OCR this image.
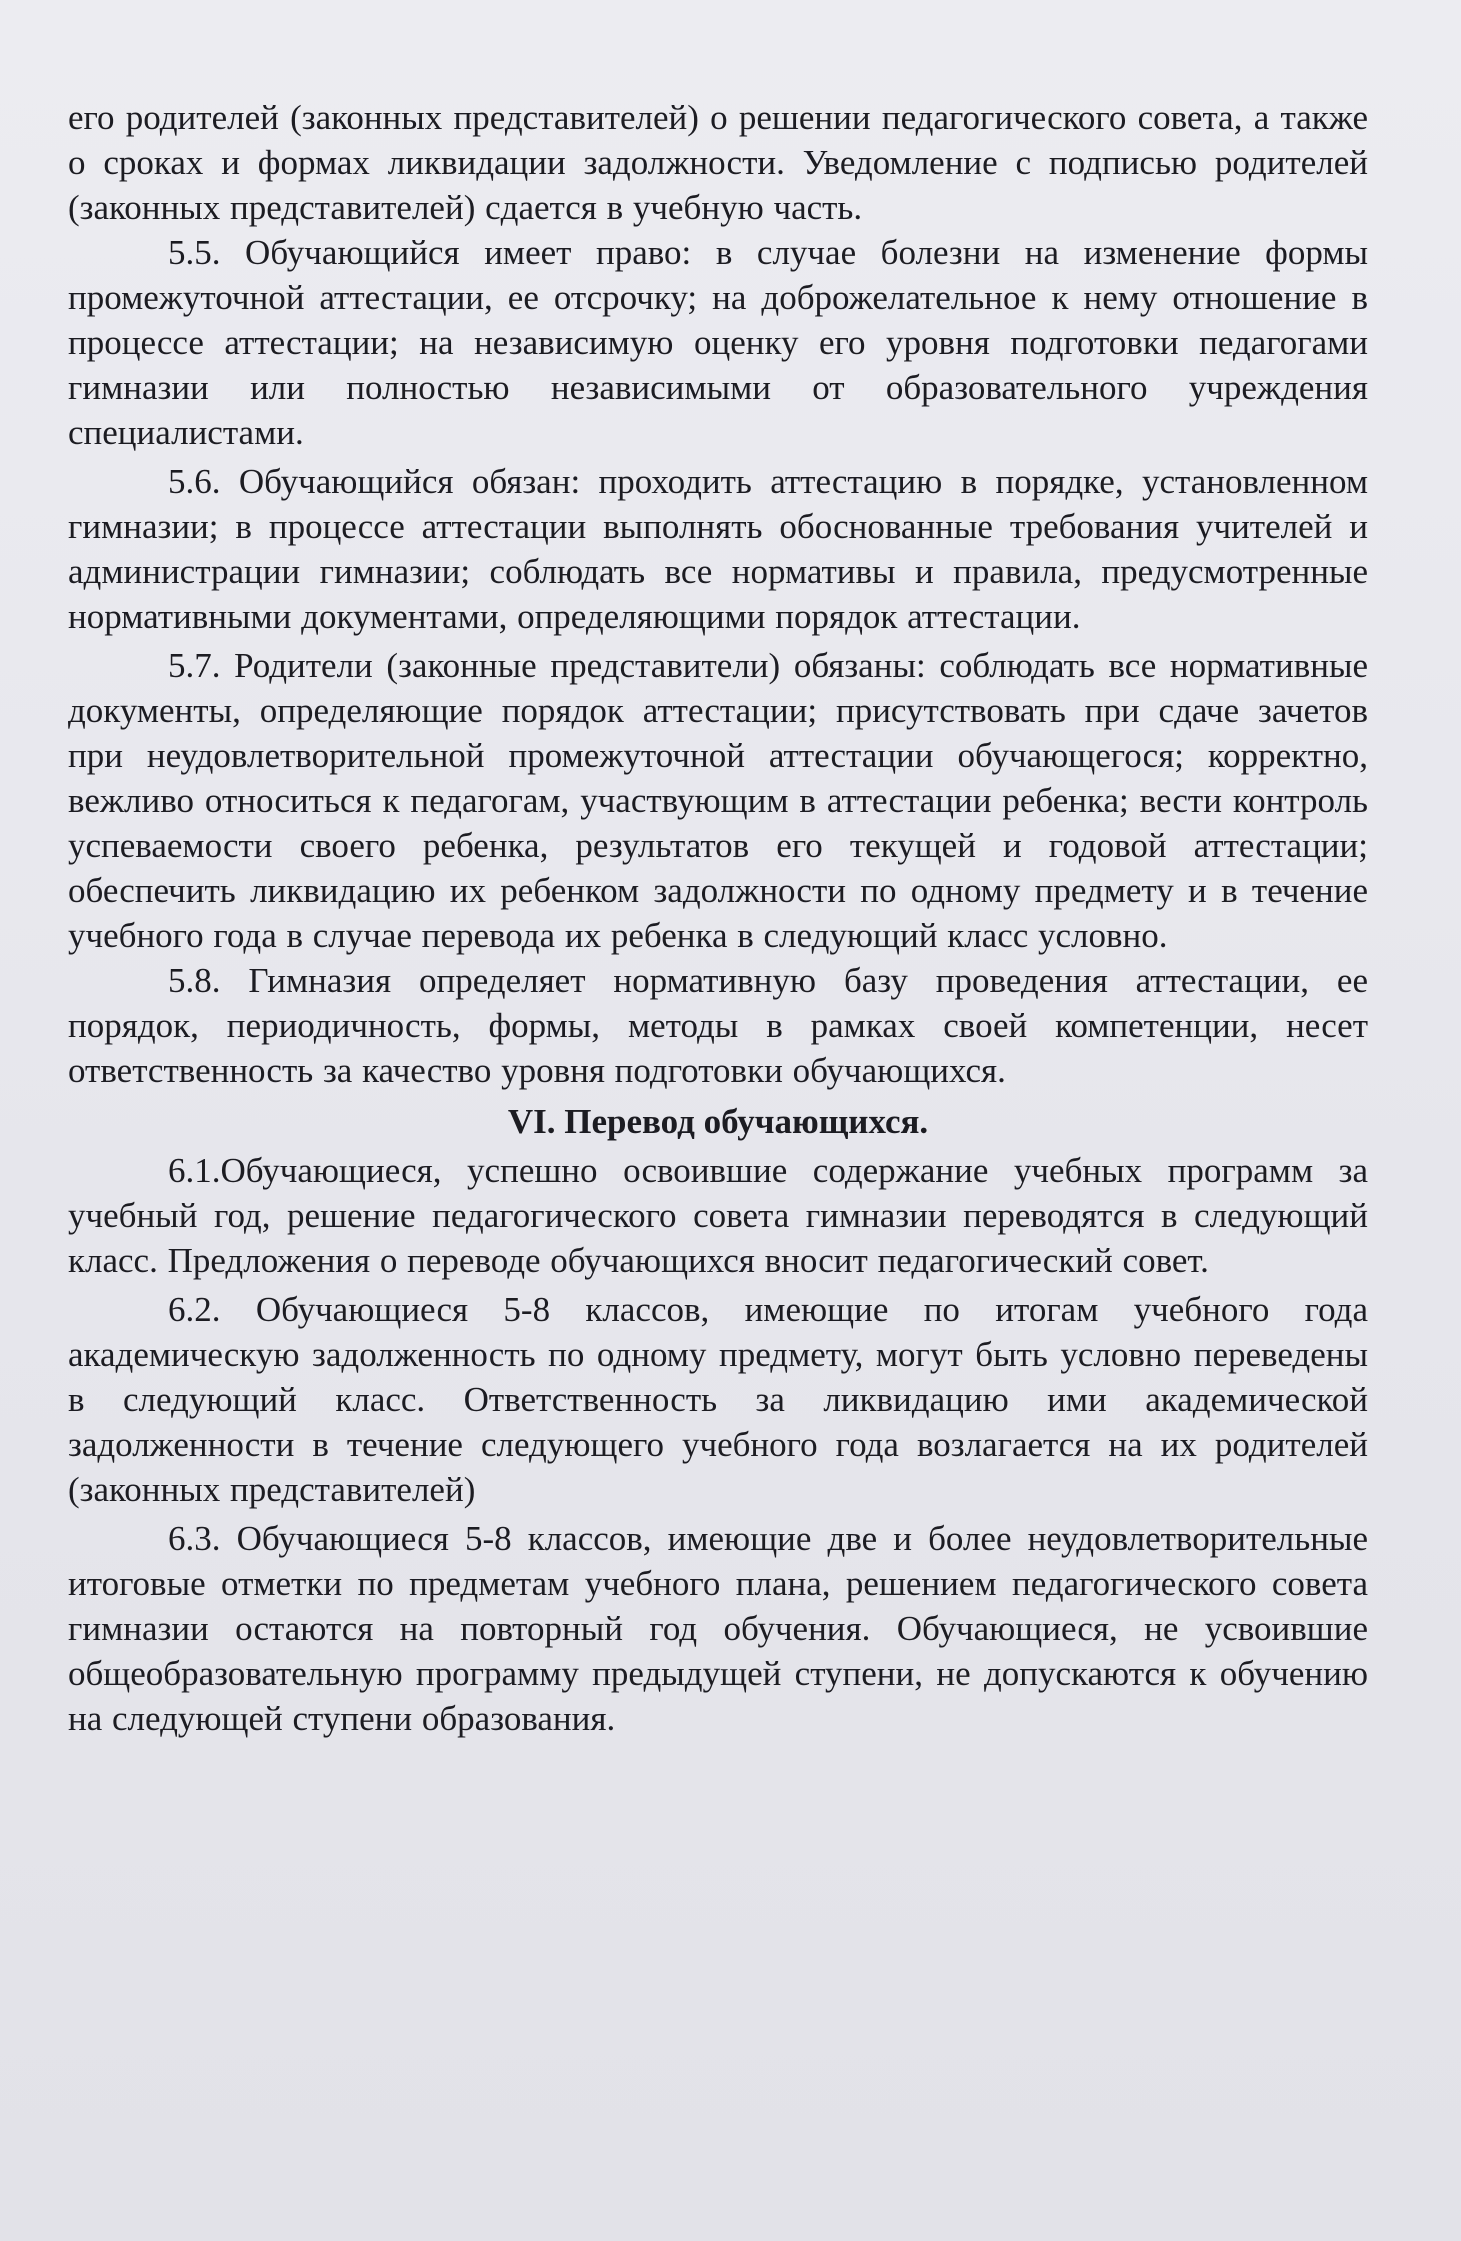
его родителей (законных представителей) о решении педагогического совета, а также о сроках и формах ликвидации задолжности. Уведомление с подписью родителей (законных представителей) сдается в учебную часть.

5.5. Обучающийся имеет право: в случае болезни на изменение формы промежуточной аттестации, ее отсрочку; на доброжелательное к нему отношение в процессе аттестации; на независимую оценку его уровня подготовки педагогами гимназии или полностью независимыми от образовательного учреждения специалистами.

5.6. Обучающийся обязан: проходить аттестацию в порядке, установленном гимназии; в процессе аттестации выполнять обоснованные требования учителей и администрации гимназии; соблюдать все нормативы и правила, предусмотренные нормативными документами, определяющими порядок аттестации.

5.7. Родители (законные представители) обязаны: соблюдать все нормативные документы, определяющие порядок аттестации; присутствовать при сдаче зачетов при неудовлетворительной промежуточной аттестации обучающегося; корректно, вежливо относиться к педагогам, участвующим в аттестации ребенка; вести контроль успеваемости своего ребенка, результатов его текущей и годовой аттестации; обеспечить ликвидацию их ребенком задолжности по одному предмету и в течение учебного года в случае перевода их ребенка в следующий класс условно.

5.8. Гимназия определяет нормативную базу проведения аттестации, ее порядок, периодичность, формы, методы в рамках своей компетенции, несет ответственность за качество уровня подготовки обучающихся.

VI. Перевод обучающихся.

6.1.Обучающиеся, успешно освоившие содержание учебных программ за учебный год, решение педагогического совета гимназии переводятся в следующий класс. Предложения о переводе обучающихся вносит педагогический совет.

6.2. Обучающиеся 5-8 классов, имеющие по итогам учебного года академическую задолженность по одному предмету, могут быть условно переведены в следующий класс. Ответственность за ликвидацию ими академической задолженности в течение следующего учебного года возлагается на их родителей (законных представителей)

6.3. Обучающиеся 5-8 классов, имеющие две и более неудовлетворительные итоговые отметки по предметам учебного плана, решением педагогического совета гимназии остаются на повторный год обучения. Обучающиеся, не усвоившие общеобразовательную программу предыдущей ступени, не допускаются к обучению на следующей ступени образования.
